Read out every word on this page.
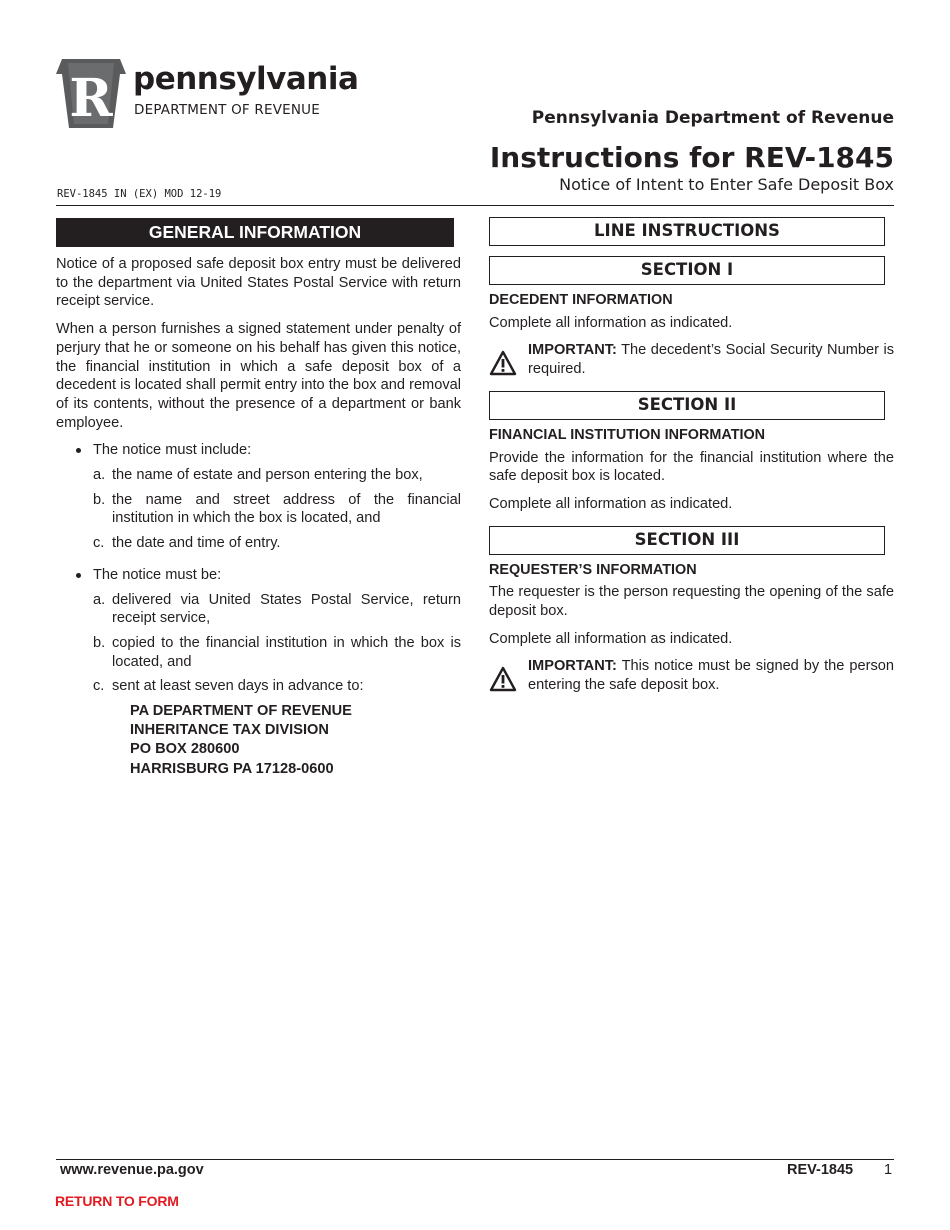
R pennsylvania
DEPARTMENT OF REVENUE	Pennsylvania Department of Revenue
Instructions for REV-1845
Notice of Intent to Enter Safe Deposit Box
REV-1845 IN (EX) MOD 12-19
GENERAL INFORMATION

Notice of a proposed safe deposit box entry must be delivered to the department via United States Postal Service with return receipt service.

When a person furnishes a signed statement under penalty of perjury that he or someone on his behalf has given this notice, the financial institution in which a safe deposit box of a decedent is located shall permit entry into the box and removal of its contents, without the presence of a department or bank employee.

The notice must include:
a. the name of estate and person entering the box,
b. the name and street address of the financial institution in which the box is located, and
c. the date and time of entry.
The notice must be:
a. delivered via United States Postal Service, return receipt service,
b. copied to the financial institution in which the box is located, and
c. sent at least seven days in advance to:
PA DEPARTMENT OF REVENUE
INHERITANCE TAX DIVISION
PO BOX 280600
HARRISBURG PA 17128-0600
LINE INSTRUCTIONS
SECTION I
DECEDENT INFORMATION

Complete all information as indicated.

IMPORTANT: The decedent’s Social Security Number is required.
SECTION II
FINANCIAL INSTITUTION INFORMATION

Provide the information for the financial institution where the safe deposit box is located.

Complete all information as indicated.

SECTION III
REQUESTER’S INFORMATION

The requester is the person requesting the opening of the safe deposit box.

Complete all information as indicated.

IMPORTANT: This notice must be signed by the person entering the safe deposit box.
www.revenue.pa.gov	REV-1845 1
RETURN TO FORM
